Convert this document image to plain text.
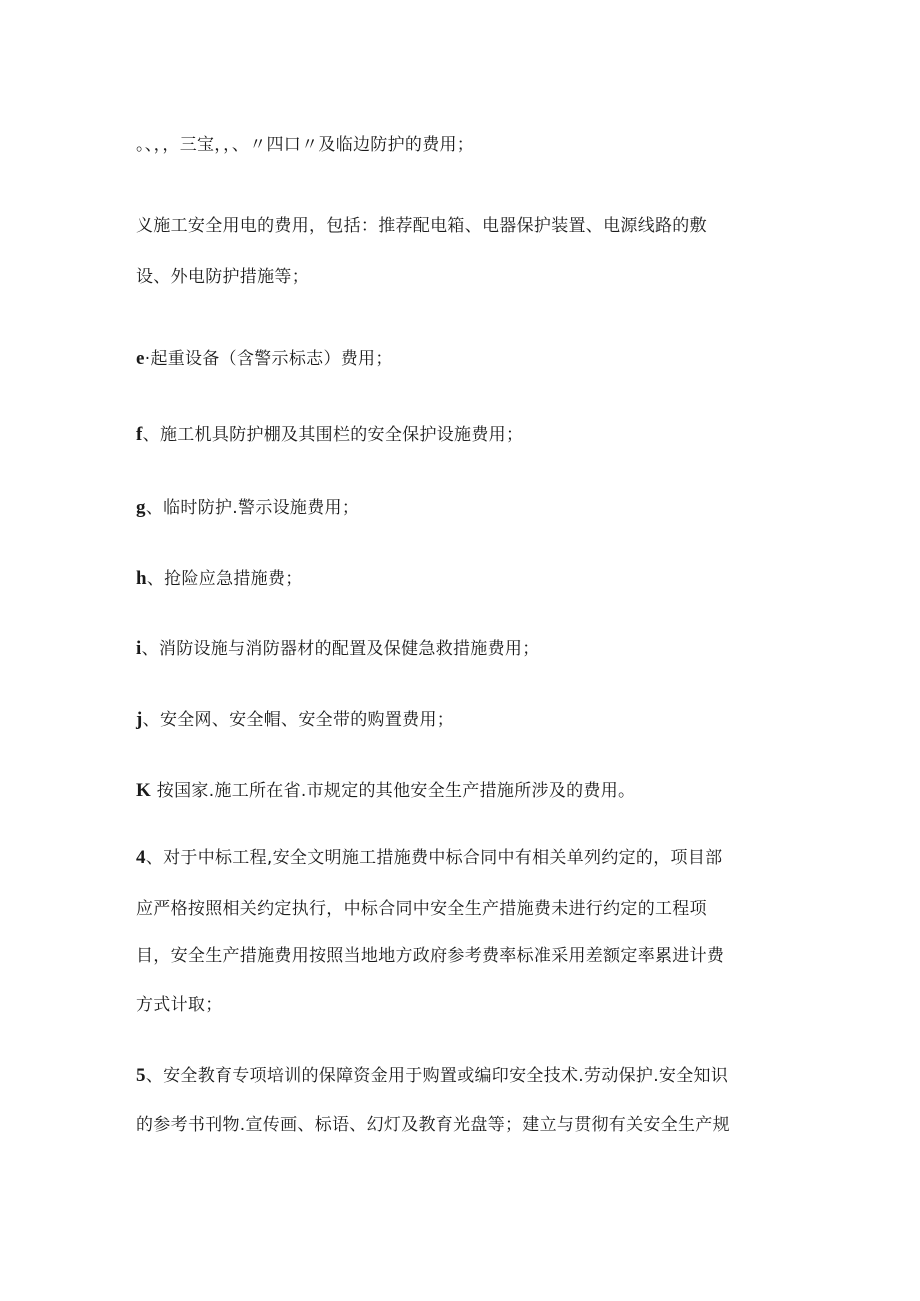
。、，，三宝，，、〃四口〃及临边防护的费用；
义施工安全用电的费用，包括：推荐配电箱、电器保护装置、电源线路的敷
设、外电防护措施等；
e·起重设备（含警示标志）费用；
f、施工机具防护棚及其围栏的安全保护设施费用；
g、临时防护.警示设施费用；
h、抢险应急措施费；
i、消防设施与消防器材的配置及保健急救措施费用；
j、安全网、安全帽、安全带的购置费用；
K 按国家.施工所在省.市规定的其他安全生产措施所涉及的费用。
4、对于中标工程,安全文明施工措施费中标合同中有相关单列约定的，项目部
应严格按照相关约定执行，中标合同中安全生产措施费未进行约定的工程项
目，安全生产措施费用按照当地地方政府参考费率标准采用差额定率累进计费
方式计取；
5、安全教育专项培训的保障资金用于购置或编印安全技术.劳动保护.安全知识
的参考书刊物.宣传画、标语、幻灯及教育光盘等；建立与贯彻有关安全生产规
